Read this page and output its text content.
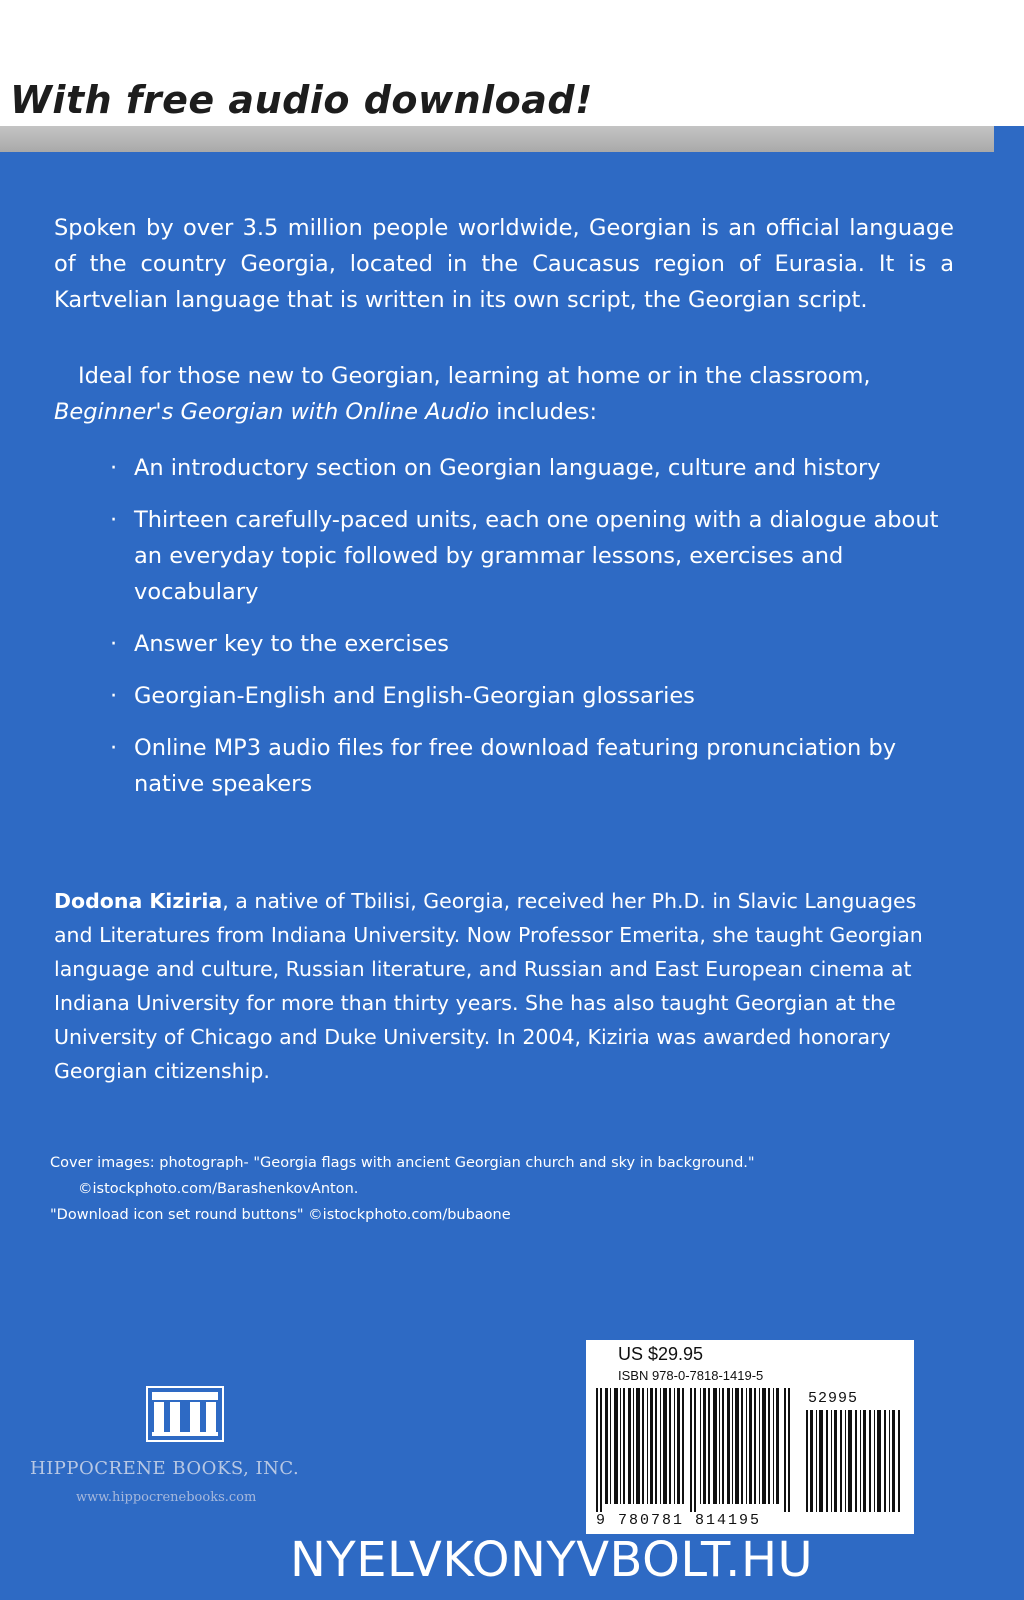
With free audio download!

Spoken by over 3.5 million people worldwide, Georgian is an official language of the country Georgia, located in the Caucasus region of Eurasia. It is a Kartvelian language that is written in its own script, the Georgian script.

Ideal for those new to Georgian, learning at home or in the classroom, Beginner's Georgian with Online Audio includes:

· An introductory section on Georgian language, culture and history
· Thirteen carefully-paced units, each one opening with a dialogue about an everyday topic followed by grammar lessons, exercises and vocabulary
· Answer key to the exercises
· Georgian-English and English-Georgian glossaries
· Online MP3 audio files for free download featuring pronunciation by native speakers

Dodona Kiziria, a native of Tbilisi, Georgia, received her Ph.D. in Slavic Languages and Literatures from Indiana University. Now Professor Emerita, she taught Georgian language and culture, Russian literature, and Russian and East European cinema at Indiana University for more than thirty years. She has also taught Georgian at the University of Chicago and Duke University. In 2004, Kiziria was awarded honorary Georgian citizenship.

Cover images: photograph- "Georgia flags with ancient Georgian church and sky in background."
©istockphoto.com/BarashenkovAnton.
"Download icon set round buttons" ©istockphoto.com/bubaone
HIPPOCRENE BOOKS, INC.
www.hippocrenebooks.com
US $29.95
ISBN 978-0-7818-1419-5
52995
9 780781 814195
NYELVKONYVBOLT.HU
